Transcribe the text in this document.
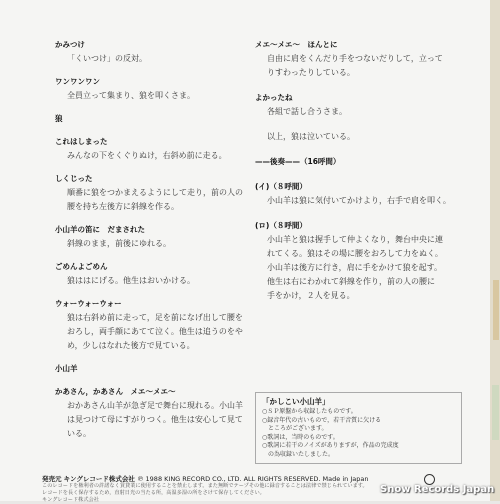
かみつけ
「くいつけ」の反対。
ワンワンワン
全員立って集まり、狼を叩くさま。
狼
これはしまった
みんなの下をくぐりぬけ，右斜め前に走る。
しくじった
順番に狼をつかまえるようにして走り，前の人の
腰を持ち左後方に斜線を作る。
小山羊の笛に　だまされた
斜線のまま，前後にゆれる。
ごめんよごめん
狼ははにげる。他生はおいかける。
ウォーウォーウォー
狼は右斜め前に走って，足を前になげ出して腰を
おろし，両手顔にあてて泣く。他生は追うのをや
め，少しはなれた後方で見ている。
小山羊
かあさん，かあさん　メエ〜メエ〜
おかあさん山羊が急ぎ足で舞台に現れる。小山羊
は見つけて母にすがりつく。他生は安心して見て
いる。
メエ〜メエ〜　ほんとに
自由に肩をくんだり手をつないだりして，立って
りすわったりしている。
よかったね
各組で話し合うさま。
以上，狼は泣いている。
——後奏——（16呼間）
(イ)（８呼間）
小山羊は狼に気付いてかけより，右手で肩を叩く。
(ロ)（８呼間）
小山羊と狼は握手して仲よくなり，舞台中央に連
れてくる。狼はその場に腰をおろして力をぬく。
小山羊は後方に行き，肩に手をかけて狼を起す。
他生は右にわかれて斜線を作り，前の人の腰に
手をかけ，２人を見る。
「かしこい小山羊」
○ＳＰ原盤から収録したものです。
○録音年代の古いもので，若干音質に欠ける
　ところがございます。
○歌詞は，当時のものです。
○歌詞に若干のノイズがありますが，作品の完成度
　の為収録いたしました。
発売元 キングレコード株式会社 ℗ 1988 KING RECORD CO., LTD. ALL RIGHTS RESERVED. Made in Japan
このレコードを権利者の許諾なく賃貸業に使用することを禁止します。また無断でテープその他に録音することは法律で禁じられています。
レコードを長く保存するため，直射日光の当たる所，高温多湿の所をさけて保存してください。
キングレコード株式会社
Snow Records Japan
